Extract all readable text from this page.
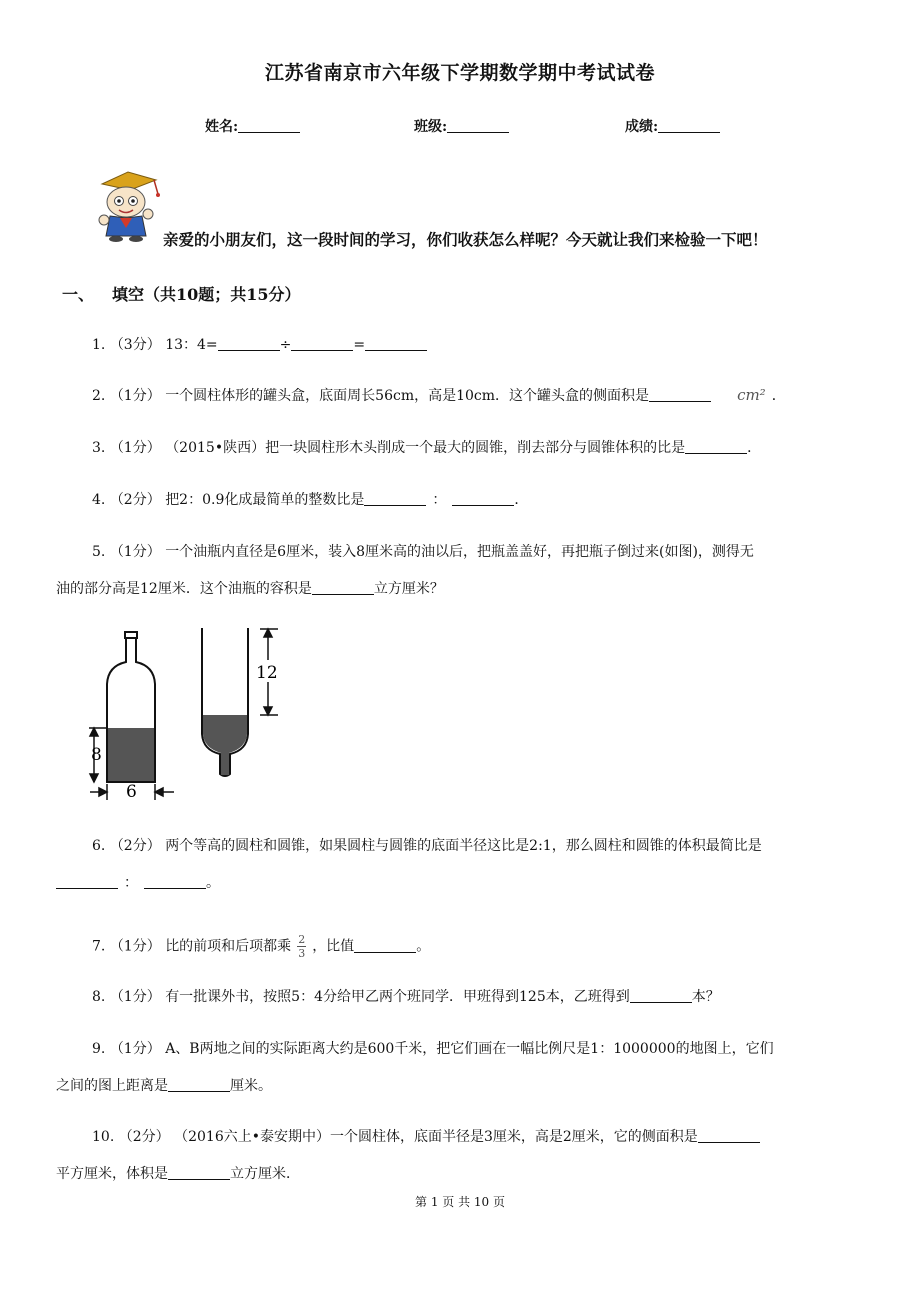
江苏省南京市六年级下学期数学期中考试试卷
姓名:	班级:	成绩:
亲爱的小朋友们，这一段时间的学习，你们收获怎么样呢？今天就让我们来检验一下吧！
一、 填空（共10题；共15分）
1. （3分） 13：4=	÷	=
2. （1分） 一个圆柱体形的罐头盒，底面周长56cm，高是10cm．这个罐头盒的侧面积是	cm² ．
3. （1分） （2015•陕西）把一块圆柱形木头削成一个最大的圆锥，削去部分与圆锥体积的比是	．
4. （2分） 把2：0.9化成最简单的整数比是	：	．
5. （1分） 一个油瓶内直径是6厘米，装入8厘米高的油以后，把瓶盖盖好，再把瓶子倒过来(如图)，测得无
油的部分高是12厘米．这个油瓶的容积是	立方厘米？
8
6
12
6. （2分） 两个等高的圆柱和圆锥，如果圆柱与圆锥的底面半径这比是2:1，那么圆柱和圆锥的体积最简比是
：	。
7. （1分） 比的前项和后项都乘 $\frac{2}{3}$ ，比值	。
8. （1分） 有一批课外书，按照5：4分给甲乙两个班同学．甲班得到125本，乙班得到	本？
9. （1分） A、B两地之间的实际距离大约是600千米，把它们画在一幅比例尺是1：1000000的地图上，它们
之间的图上距离是	厘米。
10. （2分） （2016六上•泰安期中）一个圆柱体，底面半径是3厘米，高是2厘米，它的侧面积是
平方厘米，体积是	立方厘米．
第 1 页 共 10 页
